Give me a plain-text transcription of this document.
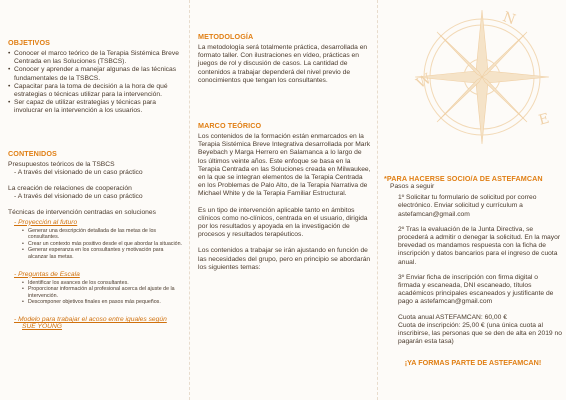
N
W
E
OBJETIVOS
• Conocer el marco teórico de la Terapia Sistémica Breve Centrada en las Soluciones (TSBCS).
• Conocer y aprender a manejar algunas de las técnicas fundamentales de la TSBCS.
• Capacitar para la toma de decisión a la hora de qué estrategias o técnicas utilizar para la intervención.
• Ser capaz de utilizar estrategias y técnicas para involucrar en la intervención a los usuarios.
CONTENIDOS
Presupuestos teóricos de la TSBCS
- A través del visionado de un caso práctico
La creación de relaciones de cooperación
- A través del visionado de un caso práctico
Técnicas de intervención centradas en soluciones
- Proyección al futuro
• Generar una descripción detallada de las metas de los consultantes.
• Crear un contexto más positivo desde el que abordar la situación.
• Generar esperanza en los consultantes y motivación para alcanzar las metas.
- Preguntas de Escala
• Identificar los avances de los consultantes.
• Proporcionar información al profesional acerca del ajuste de la intervención.
• Descomponer objetivos finales en pasos más pequeños.
- Modelo para trabajar el acoso entre iguales según
SUE YOUNG
METODOLOGÍA
La metodología será totalmente práctica, desarrollada en formato taller. Con ilustraciones en vídeo, prácticas en juegos de rol y discusión de casos. La cantidad de contenidos a trabajar dependerá del nivel previo de conocimientos que tengan los consultantes.
MARCO TEÓRICO
Los contenidos de la formación están enmarcados en la Terapia Sistémica Breve Integrativa desarrollada por Mark Beyebach y Marga Herrero en Salamanca a lo largo de los últimos veinte años. Este enfoque se basa en la Terapia Centrada en las Soluciones creada en Milwaukee, en la que se integran elementos de la Terapia Centrada en los Problemas de Palo Alto, de la Terapia Narrativa de Michael White y de la Terapia Familiar Estructural.
Es un tipo de intervención aplicable tanto en ámbitos clínicos como no-clínicos, centrada en el usuario, dirigida por los resultados y apoyada en la investigación de procesos y resultados terapéuticos.
Los contenidos a trabajar se irán ajustando en función de las necesidades del grupo, pero en principio se abordarán los siguientes temas:
*PARA HACERSE SOCIO/A DE ASTEFAMCAN
Pasos a seguir
1º Solicitar tu formulario de solicitud por correo electrónico. Enviar solicitud y currículum a astefamcan@gmail.com
2º Tras la evaluación de la Junta Directiva, se procederá a admitir o denegar la solicitud. En la mayor brevedad os mandamos respuesta con la ficha de inscripción y datos bancarios para el ingreso de cuota anual.
3º Enviar ficha de inscripción con firma digital o firmada y escaneada, DNI escaneado, títulos académicos principales escaneados y justificante de pago a astefamcan@gmail.com
Cuota anual ASTEFAMCAN: 60,00 €
Cuota de inscripción: 25,00 € (una única cuota al inscribirse, las personas que se den de alta en 2019 no pagarán esta tasa)
¡YA FORMAS PARTE DE ASTEFAMCAN!
